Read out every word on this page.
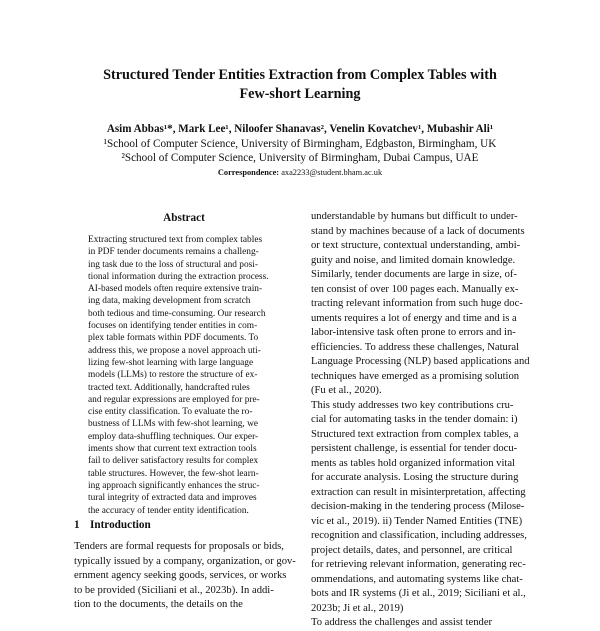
Structured Tender Entities Extraction from Complex Tables with
Few-short Learning
Asim Abbas¹*, Mark Lee¹, Niloofer Shanavas², Venelin Kovatchev¹, Mubashir Ali¹
¹School of Computer Science, University of Birmingham, Edgbaston, Birmingham, UK
²School of Computer Science, University of Birmingham, Dubai Campus, UAE
Correspondence: axa2233@student.bham.ac.uk
Abstract
Extracting structured text from complex tables
in PDF tender documents remains a challeng-
ing task due to the loss of structural and posi-
tional information during the extraction process.
AI-based models often require extensive train-
ing data, making development from scratch
both tedious and time-consuming. Our research
focuses on identifying tender entities in com-
plex table formats within PDF documents. To
address this, we propose a novel approach uti-
lizing few-shot learning with large language
models (LLMs) to restore the structure of ex-
tracted text. Additionally, handcrafted rules
and regular expressions are employed for pre-
cise entity classification. To evaluate the ro-
bustness of LLMs with few-shot learning, we
employ data-shuffling techniques. Our exper-
iments show that current text extraction tools
fail to deliver satisfactory results for complex
table structures. However, the few-shot learn-
ing approach significantly enhances the struc-
tural integrity of extracted data and improves
the accuracy of tender entity identification.
1 Introduction
Tenders are formal requests for proposals or bids,
typically issued by a company, organization, or gov-
ernment agency seeking goods, services, or works
to be provided (Siciliani et al., 2023b). In addi-
tion to the documents, the details on the
understandable by humans but difficult to under-
stand by machines because of a lack of documents
or text structure, contextual understanding, ambi-
guity and noise, and limited domain knowledge.
Similarly, tender documents are large in size, of-
ten consist of over 100 pages each. Manually ex-
tracting relevant information from such huge doc-
uments requires a lot of energy and time and is a
labor-intensive task often prone to errors and in-
efficiencies. To address these challenges, Natural
Language Processing (NLP) based applications and
techniques have emerged as a promising solution
(Fu et al., 2020).
This study addresses two key contributions cru-
cial for automating tasks in the tender domain: i)
Structured text extraction from complex tables, a
persistent challenge, is essential for tender docu-
ments as tables hold organized information vital
for accurate analysis. Losing the structure during
extraction can result in misinterpretation, affecting
decision-making in the tendering process (Milose-
vic et al., 2019). ii) Tender Named Entities (TNE)
recognition and classification, including addresses,
project details, dates, and personnel, are critical
for retrieving relevant information, generating rec-
ommendations, and automating systems like chat-
bots and IR systems (Ji et al., 2019; Siciliani et al.,
2023b; Ji et al., 2019)
To address the challenges and assist tender
